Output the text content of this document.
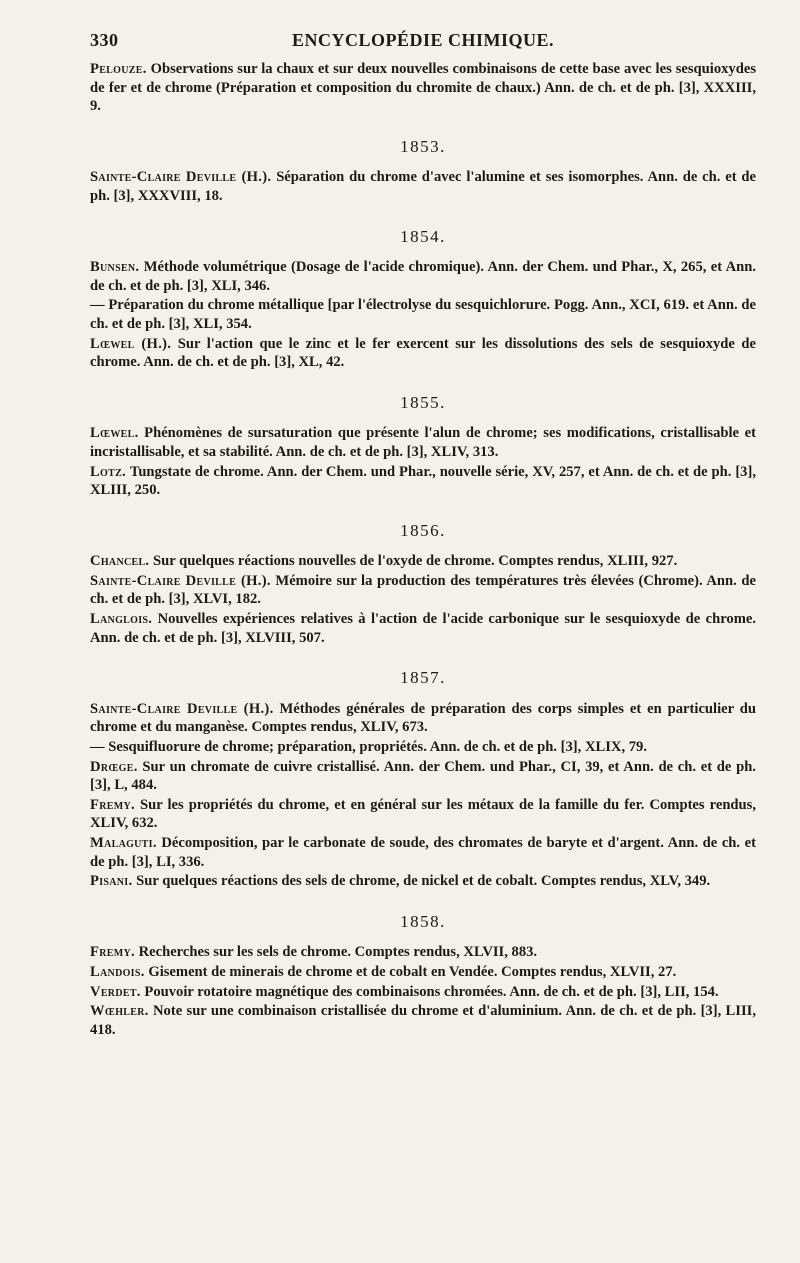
330	ENCYCLOPÉDIE CHIMIQUE.

Pelouze. Observations sur la chaux et sur deux nouvelles combinaisons de cette base avec les sesquioxydes de fer et de chrome (Préparation et composition du chromite de chaux.) Ann. de ch. et de ph. [3], XXXIII, 9.

1853.

Sainte-Claire Deville (H.). Séparation du chrome d'avec l'alumine et ses isomorphes. Ann. de ch. et de ph. [3], XXXVIII, 18.

1854.

Bunsen. Méthode volumétrique (Dosage de l'acide chromique). Ann. der Chem. und Phar., X, 265, et Ann. de ch. et de ph. [3], XLI, 346.

— Préparation du chrome métallique [par l'électrolyse du sesquichlorure. Pogg. Ann., XCI, 619. et Ann. de ch. et de ph. [3], XLI, 354.

Lœwel (H.). Sur l'action que le zinc et le fer exercent sur les dissolutions des sels de sesquioxyde de chrome. Ann. de ch. et de ph. [3], XL, 42.

1855.

Lœwel. Phénomènes de sursaturation que présente l'alun de chrome; ses modifications, cristallisable et incristallisable, et sa stabilité. Ann. de ch. et de ph. [3], XLIV, 313.

Lotz. Tungstate de chrome. Ann. der Chem. und Phar., nouvelle série, XV, 257, et Ann. de ch. et de ph. [3], XLIII, 250.

1856.

Chancel. Sur quelques réactions nouvelles de l'oxyde de chrome. Comptes rendus, XLIII, 927.

Sainte-Claire Deville (H.). Mémoire sur la production des températures très élevées (Chrome). Ann. de ch. et de ph. [3], XLVI, 182.

Langlois. Nouvelles expériences relatives à l'action de l'acide carbonique sur le sesquioxyde de chrome. Ann. de ch. et de ph. [3], XLVIII, 507.

1857.

Sainte-Claire Deville (H.). Méthodes générales de préparation des corps simples et en particulier du chrome et du manganèse. Comptes rendus, XLIV, 673.

— Sesquifluorure de chrome; préparation, propriétés. Ann. de ch. et de ph. [3], XLIX, 79.

Drœge. Sur un chromate de cuivre cristallisé. Ann. der Chem. und Phar., CI, 39, et Ann. de ch. et de ph. [3], L, 484.

Fremy. Sur les propriétés du chrome, et en général sur les métaux de la famille du fer. Comptes rendus, XLIV, 632.

Malaguti. Décomposition, par le carbonate de soude, des chromates de baryte et d'argent. Ann. de ch. et de ph. [3], LI, 336.

Pisani. Sur quelques réactions des sels de chrome, de nickel et de cobalt. Comptes rendus, XLV, 349.

1858.

Fremy. Recherches sur les sels de chrome. Comptes rendus, XLVII, 883.

Landois. Gisement de minerais de chrome et de cobalt en Vendée. Comptes rendus, XLVII, 27.

Verdet. Pouvoir rotatoire magnétique des combinaisons chromées. Ann. de ch. et de ph. [3], LII, 154.

Wœhler. Note sur une combinaison cristallisée du chrome et d'aluminium. Ann. de ch. et de ph. [3], LIII, 418.
